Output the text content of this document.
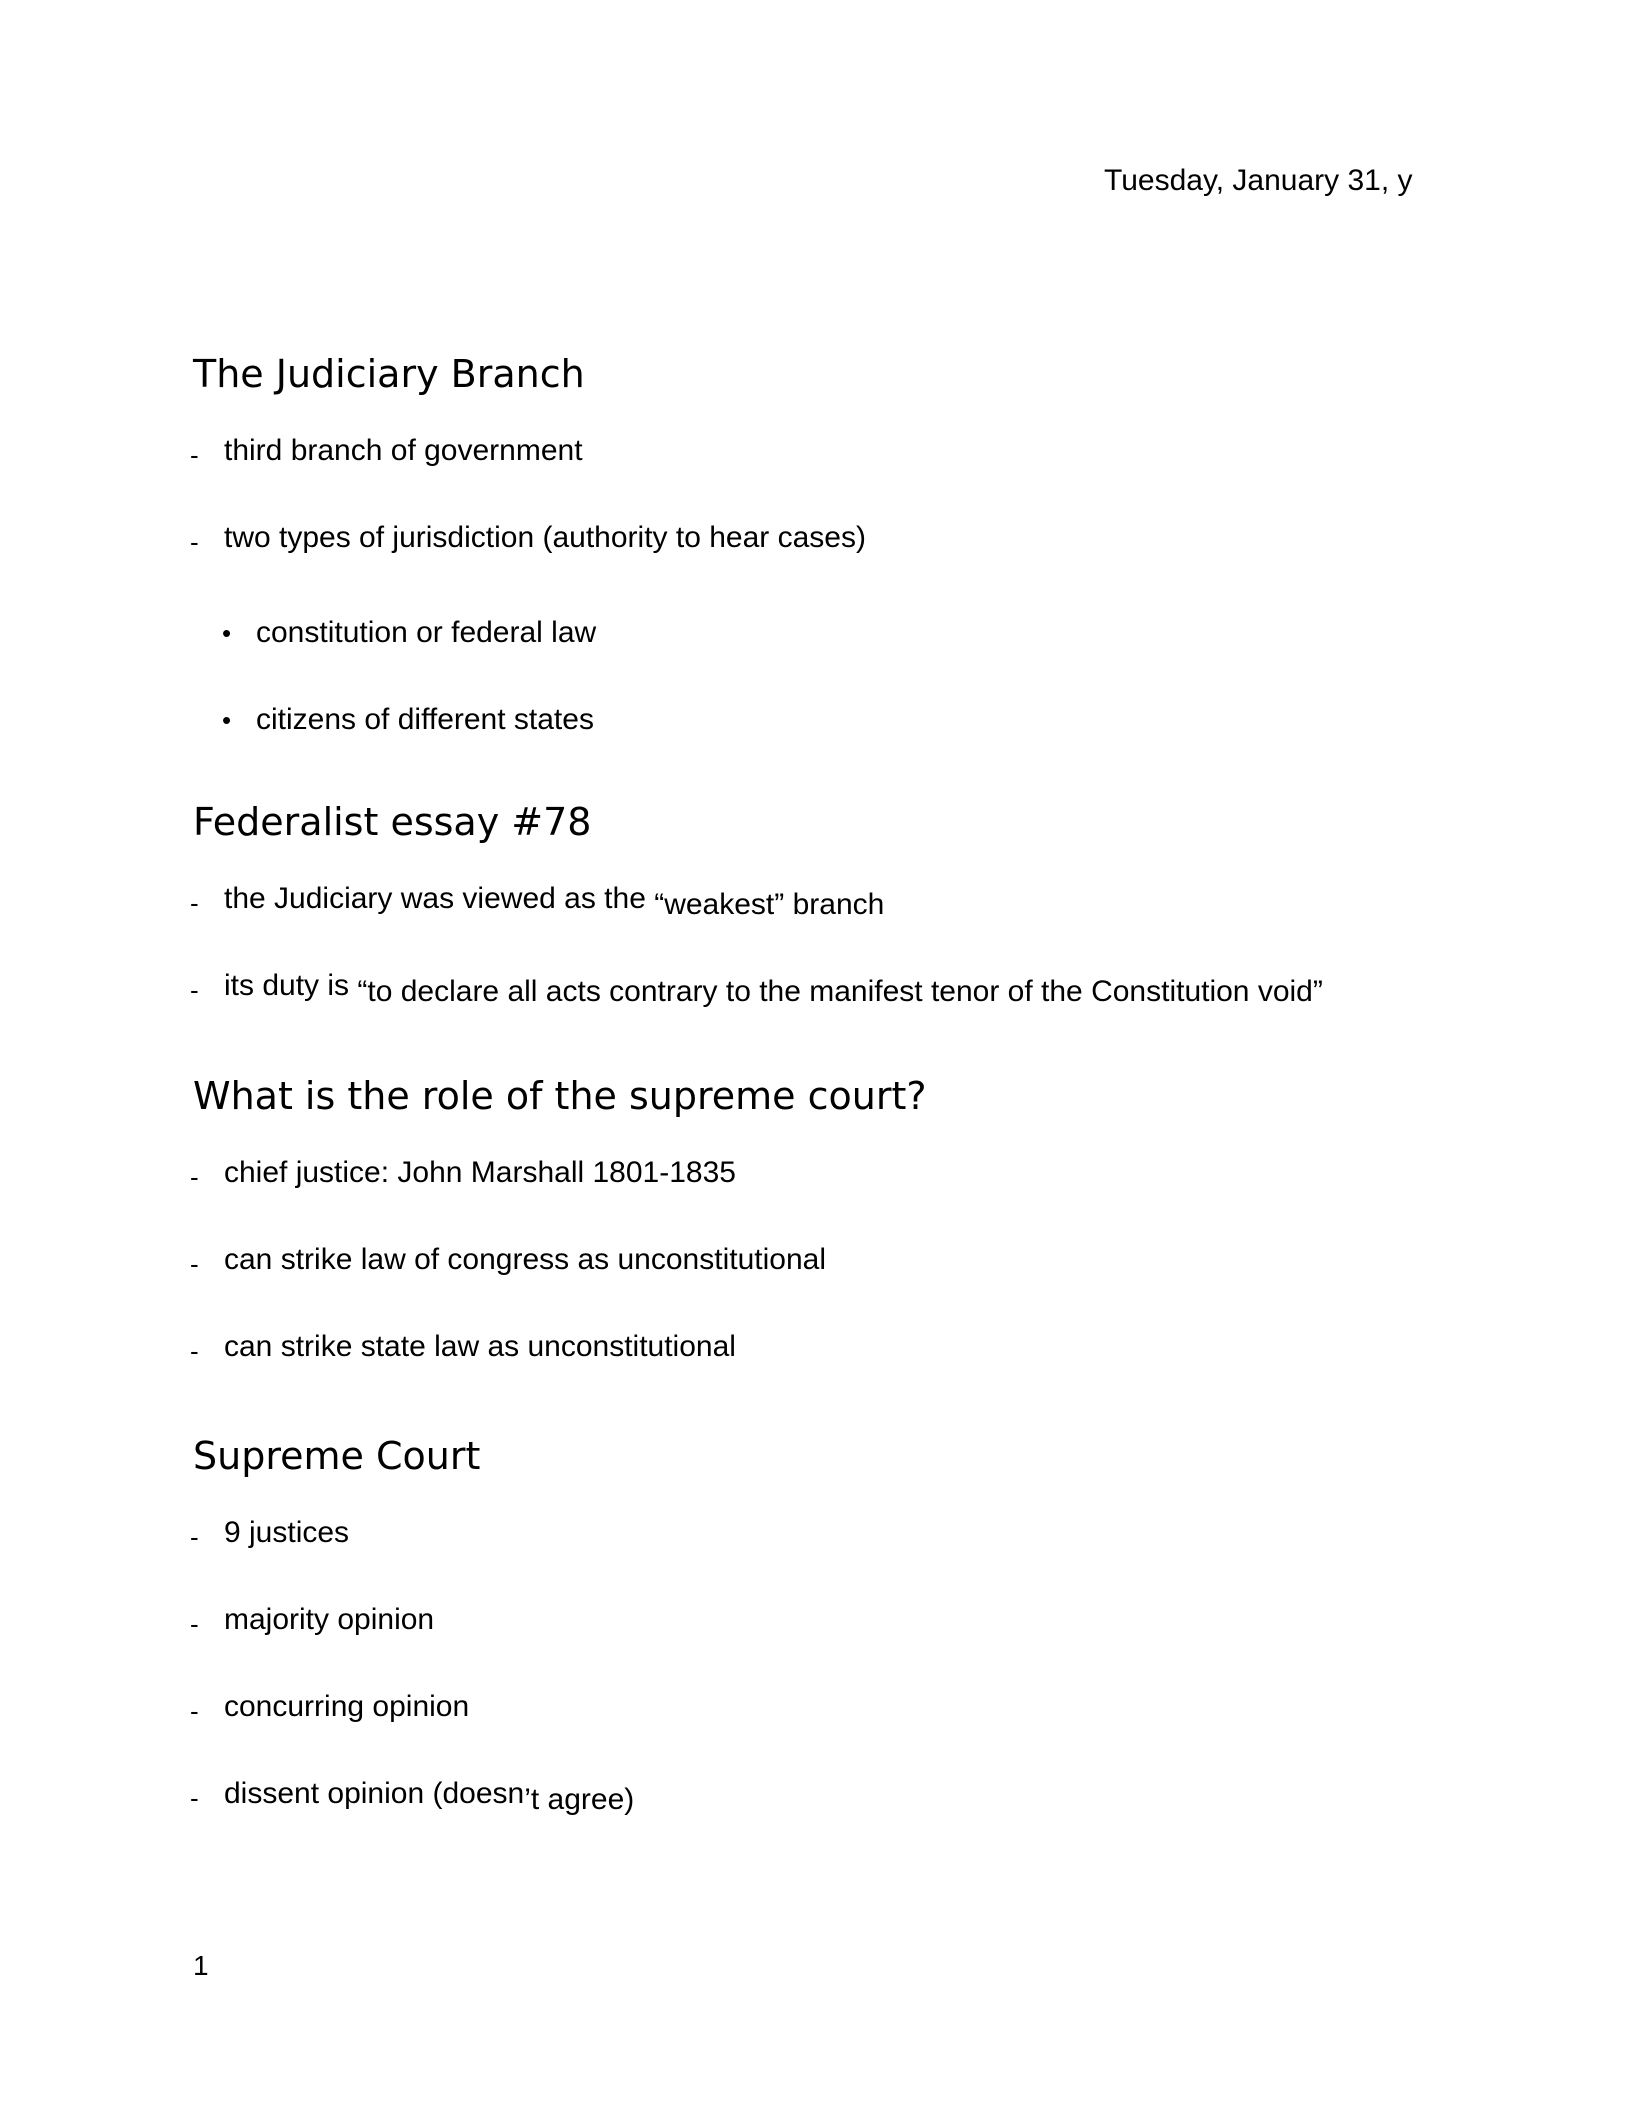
Tuesday, January 31, y
The Judiciary Branch
- third branch of government
- two types of jurisdiction (authority to hear cases)
• constitution or federal law
• citizens of different states
Federalist essay #78
- the Judiciary was viewed as the “weakest” branch
- its duty is “to declare all acts contrary to the manifest tenor of the Constitution void”
What is the role of the supreme court?
- chief justice: John Marshall 1801-1835
- can strike law of congress as unconstitutional
- can strike state law as unconstitutional
Supreme Court
- 9 justices
- majority opinion
- concurring opinion
- dissent opinion (doesn’t agree)
1
